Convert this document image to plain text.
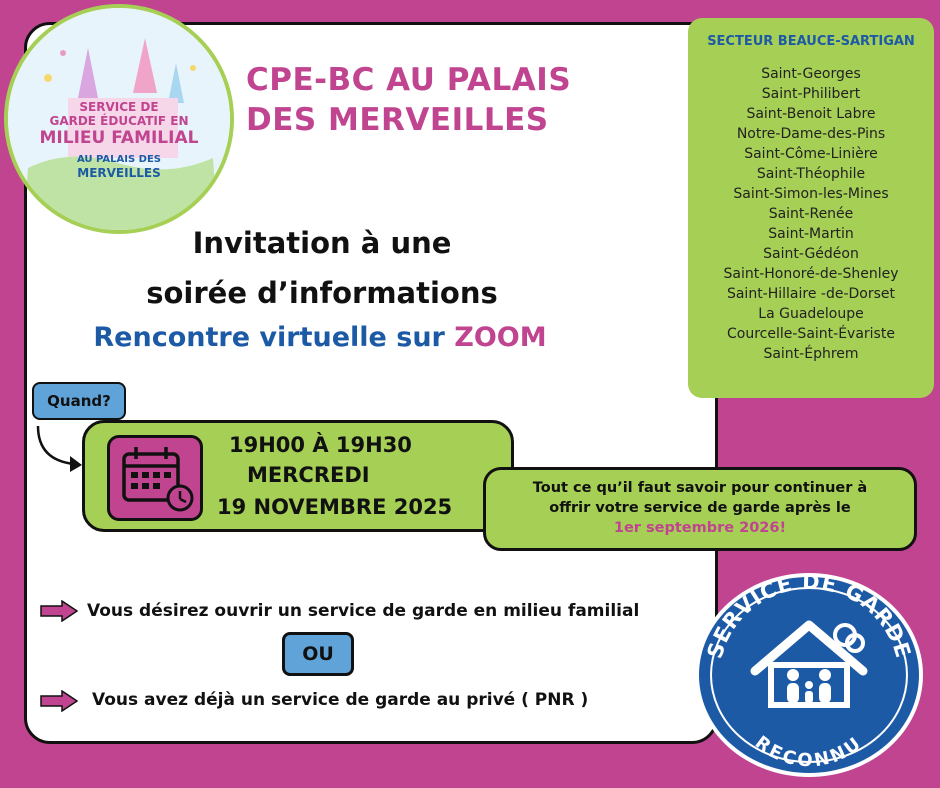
SERVICE DE
GARDE ÉDUCATIF EN
MILIEU FAMILIAL
AU PALAIS DES
MERVEILLES
CPE-BC AU PALAIS
DES MERVEILLES
Invitation à une
soirée d’informations
Rencontre virtuelle sur ZOOM
SECTEUR BEAUCE-SARTIGAN
Saint-Georges
Saint-Philibert
Saint-Benoit Labre
Notre-Dame-des-Pins
Saint-Côme-Linière
Saint-Théophile
Saint-Simon-les-Mines
Saint-Renée
Saint-Martin
Saint-Gédéon
Saint-Honoré-de-Shenley
Saint-Hillaire -de-Dorset
La Guadeloupe
Courcelle-Saint-Évariste
Saint-Éphrem
Quand?
19H00 À 19H30
MERCREDI
19 NOVEMBRE 2025
Tout ce qu’il faut savoir pour continuer à
offrir votre service de garde après le
1er septembre 2026!
Vous désirez ouvrir un service de garde en milieu familial
OU
Vous avez déjà un service de garde au privé ( PNR )
SERVICE DE GARDE
RECONNU
